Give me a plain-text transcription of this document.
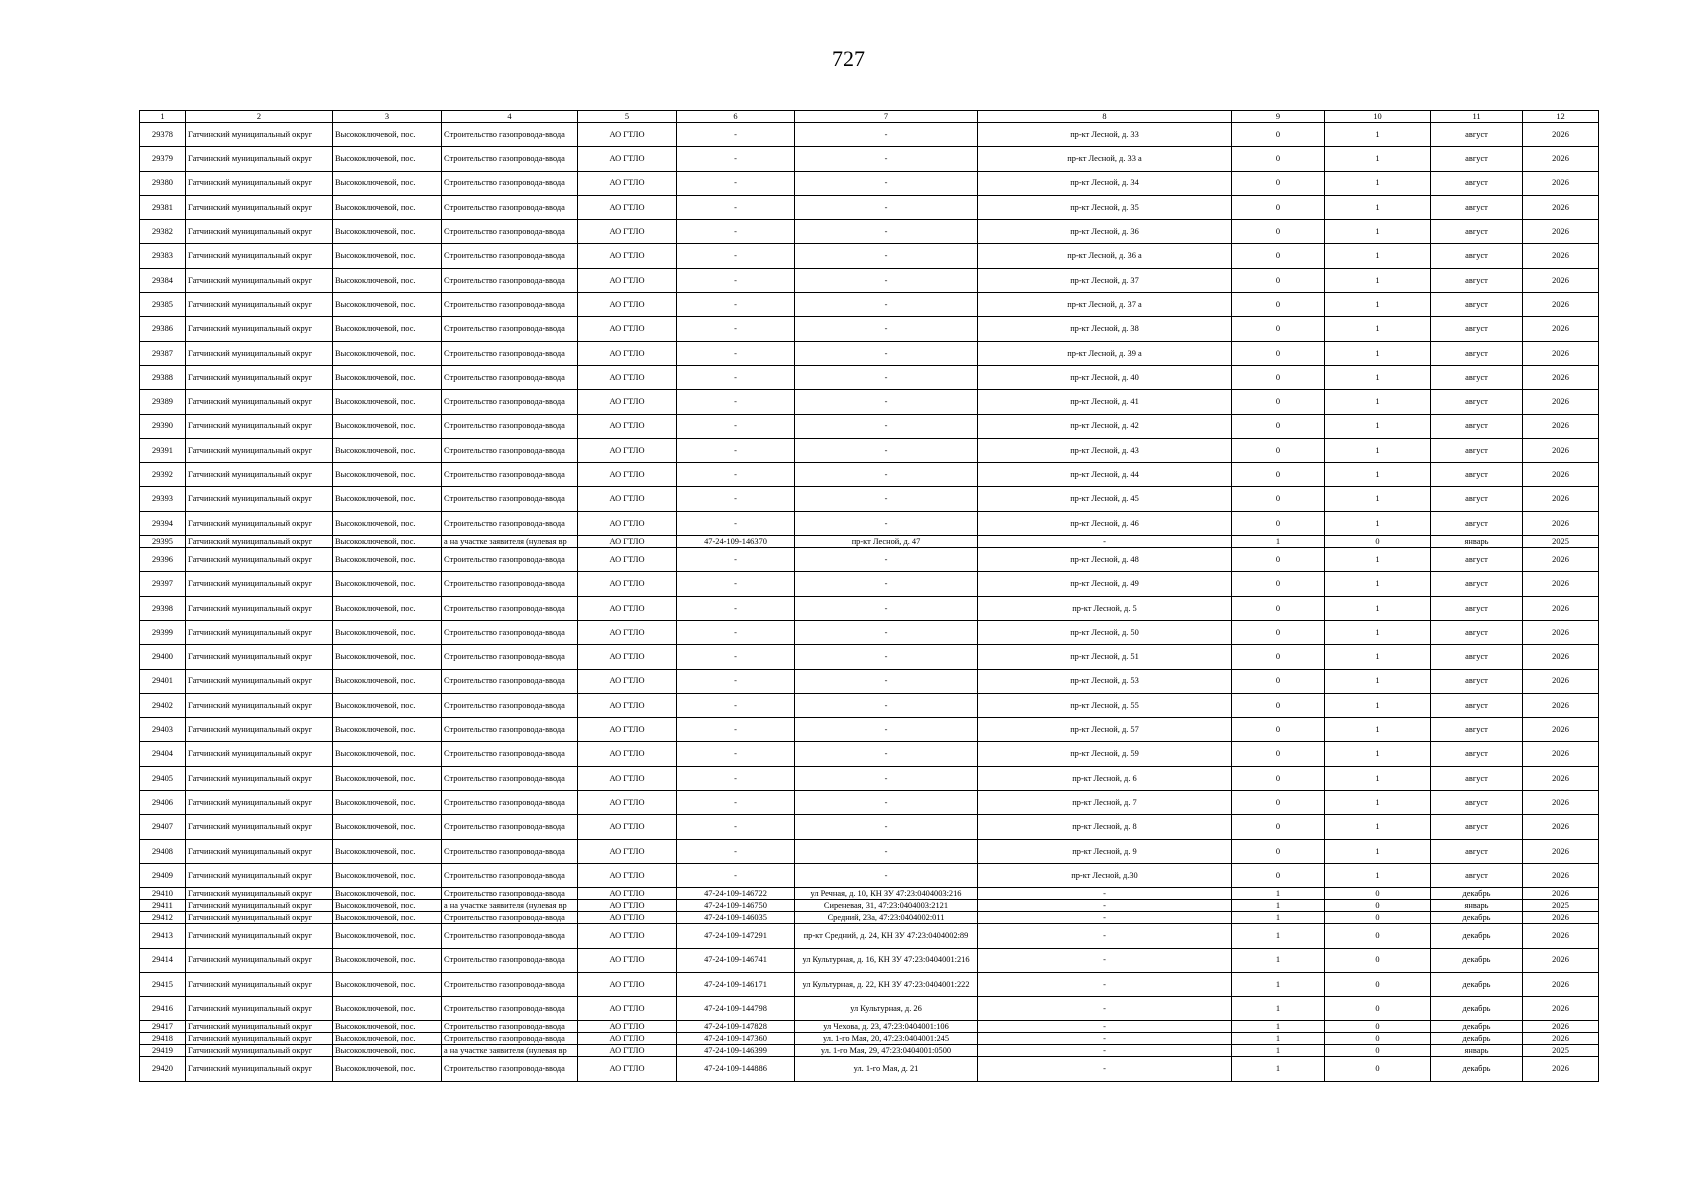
727
1	2	3	4	5	6	7	8	9	10	11	12
29378	Гатчинский муниципальный округ	Высокоключевой, пос.	Строительство газопровода-ввода	АО ГТЛО	-	-	пр-кт Лесной, д. 33	0	1	август	2026
29379	Гатчинский муниципальный округ	Высокоключевой, пос.	Строительство газопровода-ввода	АО ГТЛО	-	-	пр-кт Лесной, д. 33 а	0	1	август	2026
29380	Гатчинский муниципальный округ	Высокоключевой, пос.	Строительство газопровода-ввода	АО ГТЛО	-	-	пр-кт Лесной, д. 34	0	1	август	2026
29381	Гатчинский муниципальный округ	Высокоключевой, пос.	Строительство газопровода-ввода	АО ГТЛО	-	-	пр-кт Лесной, д. 35	0	1	август	2026
29382	Гатчинский муниципальный округ	Высокоключевой, пос.	Строительство газопровода-ввода	АО ГТЛО	-	-	пр-кт Лесной, д. 36	0	1	август	2026
29383	Гатчинский муниципальный округ	Высокоключевой, пос.	Строительство газопровода-ввода	АО ГТЛО	-	-	пр-кт Лесной, д. 36 а	0	1	август	2026
29384	Гатчинский муниципальный округ	Высокоключевой, пос.	Строительство газопровода-ввода	АО ГТЛО	-	-	пр-кт Лесной, д. 37	0	1	август	2026
29385	Гатчинский муниципальный округ	Высокоключевой, пос.	Строительство газопровода-ввода	АО ГТЛО	-	-	пр-кт Лесной, д. 37 а	0	1	август	2026
29386	Гатчинский муниципальный округ	Высокоключевой, пос.	Строительство газопровода-ввода	АО ГТЛО	-	-	пр-кт Лесной, д. 38	0	1	август	2026
29387	Гатчинский муниципальный округ	Высокоключевой, пос.	Строительство газопровода-ввода	АО ГТЛО	-	-	пр-кт Лесной, д. 39 а	0	1	август	2026
29388	Гатчинский муниципальный округ	Высокоключевой, пос.	Строительство газопровода-ввода	АО ГТЛО	-	-	пр-кт Лесной, д. 40	0	1	август	2026
29389	Гатчинский муниципальный округ	Высокоключевой, пос.	Строительство газопровода-ввода	АО ГТЛО	-	-	пр-кт Лесной, д. 41	0	1	август	2026
29390	Гатчинский муниципальный округ	Высокоключевой, пос.	Строительство газопровода-ввода	АО ГТЛО	-	-	пр-кт Лесной, д. 42	0	1	август	2026
29391	Гатчинский муниципальный округ	Высокоключевой, пос.	Строительство газопровода-ввода	АО ГТЛО	-	-	пр-кт Лесной, д. 43	0	1	август	2026
29392	Гатчинский муниципальный округ	Высокоключевой, пос.	Строительство газопровода-ввода	АО ГТЛО	-	-	пр-кт Лесной, д. 44	0	1	август	2026
29393	Гатчинский муниципальный округ	Высокоключевой, пос.	Строительство газопровода-ввода	АО ГТЛО	-	-	пр-кт Лесной, д. 45	0	1	август	2026
29394	Гатчинский муниципальный округ	Высокоключевой, пос.	Строительство газопровода-ввода	АО ГТЛО	-	-	пр-кт Лесной, д. 46	0	1	август	2026
29395	Гатчинский муниципальный округ	Высокоключевой, пос.	а на участке заявителя (нулевая вр	АО ГТЛО	47-24-109-146370	пр-кт Лесной, д. 47	-	1	0	январь	2025
29396	Гатчинский муниципальный округ	Высокоключевой, пос.	Строительство газопровода-ввода	АО ГТЛО	-	-	пр-кт Лесной, д. 48	0	1	август	2026
29397	Гатчинский муниципальный округ	Высокоключевой, пос.	Строительство газопровода-ввода	АО ГТЛО	-	-	пр-кт Лесной, д. 49	0	1	август	2026
29398	Гатчинский муниципальный округ	Высокоключевой, пос.	Строительство газопровода-ввода	АО ГТЛО	-	-	пр-кт Лесной, д. 5	0	1	август	2026
29399	Гатчинский муниципальный округ	Высокоключевой, пос.	Строительство газопровода-ввода	АО ГТЛО	-	-	пр-кт Лесной, д. 50	0	1	август	2026
29400	Гатчинский муниципальный округ	Высокоключевой, пос.	Строительство газопровода-ввода	АО ГТЛО	-	-	пр-кт Лесной, д. 51	0	1	август	2026
29401	Гатчинский муниципальный округ	Высокоключевой, пос.	Строительство газопровода-ввода	АО ГТЛО	-	-	пр-кт Лесной, д. 53	0	1	август	2026
29402	Гатчинский муниципальный округ	Высокоключевой, пос.	Строительство газопровода-ввода	АО ГТЛО	-	-	пр-кт Лесной, д. 55	0	1	август	2026
29403	Гатчинский муниципальный округ	Высокоключевой, пос.	Строительство газопровода-ввода	АО ГТЛО	-	-	пр-кт Лесной, д. 57	0	1	август	2026
29404	Гатчинский муниципальный округ	Высокоключевой, пос.	Строительство газопровода-ввода	АО ГТЛО	-	-	пр-кт Лесной, д. 59	0	1	август	2026
29405	Гатчинский муниципальный округ	Высокоключевой, пос.	Строительство газопровода-ввода	АО ГТЛО	-	-	пр-кт Лесной, д. 6	0	1	август	2026
29406	Гатчинский муниципальный округ	Высокоключевой, пос.	Строительство газопровода-ввода	АО ГТЛО	-	-	пр-кт Лесной, д. 7	0	1	август	2026
29407	Гатчинский муниципальный округ	Высокоключевой, пос.	Строительство газопровода-ввода	АО ГТЛО	-	-	пр-кт Лесной, д. 8	0	1	август	2026
29408	Гатчинский муниципальный округ	Высокоключевой, пос.	Строительство газопровода-ввода	АО ГТЛО	-	-	пр-кт Лесной, д. 9	0	1	август	2026
29409	Гатчинский муниципальный округ	Высокоключевой, пос.	Строительство газопровода-ввода	АО ГТЛО	-	-	пр-кт Лесной, д.30	0	1	август	2026
29410	Гатчинский муниципальный округ	Высокоключевой, пос.	Строительство газопровода-ввода	АО ГТЛО	47-24-109-146722	ул Речная, д. 10, КН ЗУ 47:23:0404003:216	-	1	0	декабрь	2026
29411	Гатчинский муниципальный округ	Высокоключевой, пос.	а на участке заявителя (нулевая вр	АО ГТЛО	47-24-109-146750	Сиреневая, 31, 47:23:0404003:2121	-	1	0	январь	2025
29412	Гатчинский муниципальный округ	Высокоключевой, пос.	Строительство газопровода-ввода	АО ГТЛО	47-24-109-146035	Средний, 23а, 47:23:0404002:011	-	1	0	декабрь	2026
29413	Гатчинский муниципальный округ	Высокоключевой, пос.	Строительство газопровода-ввода	АО ГТЛО	47-24-109-147291	пр-кт Средний, д. 24, КН ЗУ 47:23:0404002:89	-	1	0	декабрь	2026
29414	Гатчинский муниципальный округ	Высокоключевой, пос.	Строительство газопровода-ввода	АО ГТЛО	47-24-109-146741	ул Культурная, д. 16, КН ЗУ 47:23:0404001:216	-	1	0	декабрь	2026
29415	Гатчинский муниципальный округ	Высокоключевой, пос.	Строительство газопровода-ввода	АО ГТЛО	47-24-109-146171	ул Культурная, д. 22, КН ЗУ 47:23:0404001:222	-	1	0	декабрь	2026
29416	Гатчинский муниципальный округ	Высокоключевой, пос.	Строительство газопровода-ввода	АО ГТЛО	47-24-109-144798	ул Культурная, д. 26	-	1	0	декабрь	2026
29417	Гатчинский муниципальный округ	Высокоключевой, пос.	Строительство газопровода-ввода	АО ГТЛО	47-24-109-147828	ул Чехова, д. 23, 47:23:0404001:106	-	1	0	декабрь	2026
29418	Гатчинский муниципальный округ	Высокоключевой, пос.	Строительство газопровода-ввода	АО ГТЛО	47-24-109-147360	ул. 1-го Мая, 20, 47:23:0404001:245	-	1	0	декабрь	2026
29419	Гатчинский муниципальный округ	Высокоключевой, пос.	а на участке заявителя (нулевая вр	АО ГТЛО	47-24-109-146399	ул. 1-го Мая, 29, 47:23:0404001:0500	-	1	0	январь	2025
29420	Гатчинский муниципальный округ	Высокоключевой, пос.	Строительство газопровода-ввода	АО ГТЛО	47-24-109-144886	ул. 1-го Мая, д. 21	-	1	0	декабрь	2026
